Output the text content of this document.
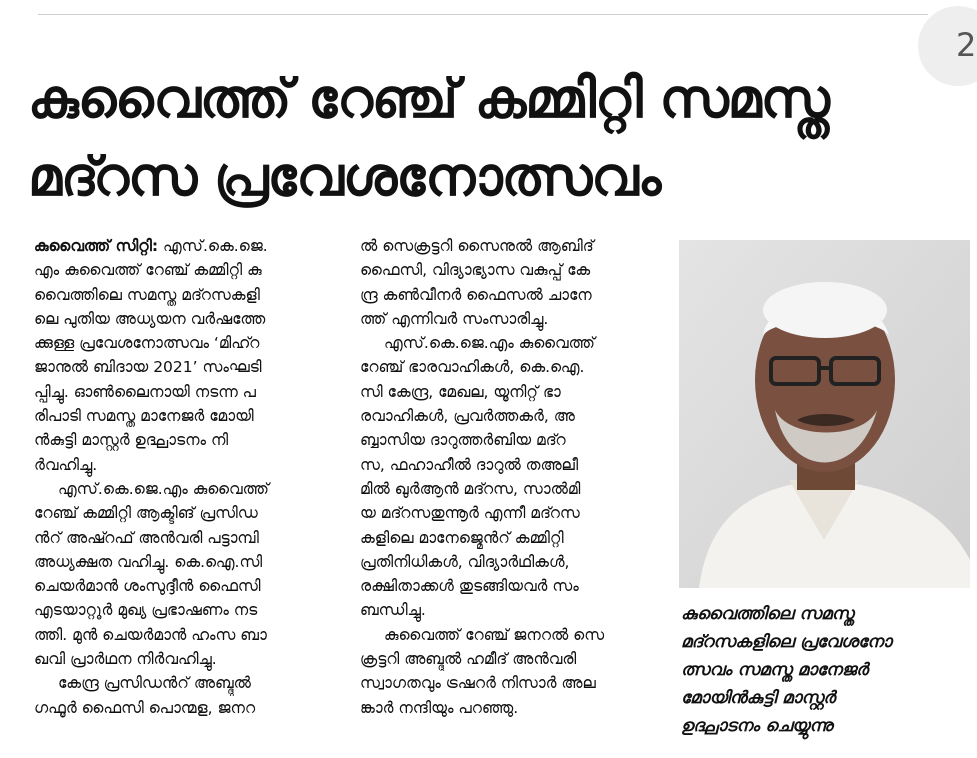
2
കുവൈത്ത് റേഞ്ച് കമ്മിറ്റി സമസ്ത
മദ്റസ പ്രവേശനോത്സവം
കുവൈത്ത് സിറ്റി: എസ്.കെ.ജെ.
എം കുവൈത്ത് റേഞ്ച് കമ്മിറ്റി കു
വൈത്തിലെ സമസ്ത മദ്റസകളി
ലെ പുതിയ അധ്യയന വർഷത്തേ
ക്കുള്ള പ്രവേശനോത്സവം ‘മിഹ്റ
ജാനുൽ ബിദായ 2021’ സംഘടി
പ്പിച്ചു. ഓൺലൈനായി നടന്ന പ
രിപാടി സമസ്ത മാനേജർ മോയി
ൻകുട്ടി മാസ്റ്റർ ഉദ്ഘാടനം നി
ർവഹിച്ചു.
എസ്.കെ.ജെ.എം കുവൈത്ത്
റേഞ്ച് കമ്മിറ്റി ആക്ടിങ് പ്രസിഡ
ൻറ് അഷ്റഫ് അൻവരി പട്ടാമ്പി
അധ്യക്ഷത വഹിച്ചു. കെ.ഐ.സി
ചെയർമാൻ ശംസുദ്ദീൻ ഫൈസി
എടയാറ്റൂർ മുഖ്യ പ്രഭാഷണം നട
ത്തി. മുൻ ചെയർമാൻ ഹംസ ബാ
ഖവി പ്രാർഥന നിർവഹിച്ചു.
കേന്ദ്ര പ്രസിഡൻറ് അബ്ദുൽ
ഗഫൂർ ഫൈസി പൊന്മള, ജനറ
ൽ സെക്രട്ടറി സൈനുൽ ആബിദ്
ഫൈസി, വിദ്യാഭ്യാസ വകുപ്പ് കേ
ന്ദ്ര കൺവീനർ ഫൈസൽ ചാനേ
ത്ത് എന്നിവർ സംസാരിച്ചു.
എസ്.കെ.ജെ.എം കുവൈത്ത്
റേഞ്ച് ഭാരവാഹികൾ, കെ.ഐ.
സി കേന്ദ്ര, മേഖല, യൂനിറ്റ് ഭാ
രവാഹികൾ, പ്രവർത്തകർ, അ
ബ്ബാസിയ ദാറുത്തർബിയ മദ്റ
സ, ഫഹാഹീൽ ദാറുൽ തഅലീ
മിൽ ഖുർആൻ മദ്റസ, സാൽമി
യ മദ്റസതുന്നൂർ എന്നീ മദ്റസ
കളിലെ മാനേജ്മെൻറ് കമ്മിറ്റി
പ്രതിനിധികൾ, വിദ്യാർഥികൾ,
രക്ഷിതാക്കൾ തുടങ്ങിയവർ സം
ബന്ധിച്ചു.
കുവൈത്ത് റേഞ്ച് ജനറൽ സെ
ക്രട്ടറി അബ്ദുൽ ഹമീദ് അൻവരി
സ്വാഗതവും ട്രഷറർ നിസാർ അല
ങ്കാർ നന്ദിയും പറഞ്ഞു.
കുവൈത്തിലെ സമസ്ത
മദ്റസകളിലെ പ്രവേശനോ
ത്സവം സമസ്ത മാനേജർ
മോയിൻകുട്ടി മാസ്റ്റർ
ഉദ്ഘാടനം ചെയ്യുന്നു
